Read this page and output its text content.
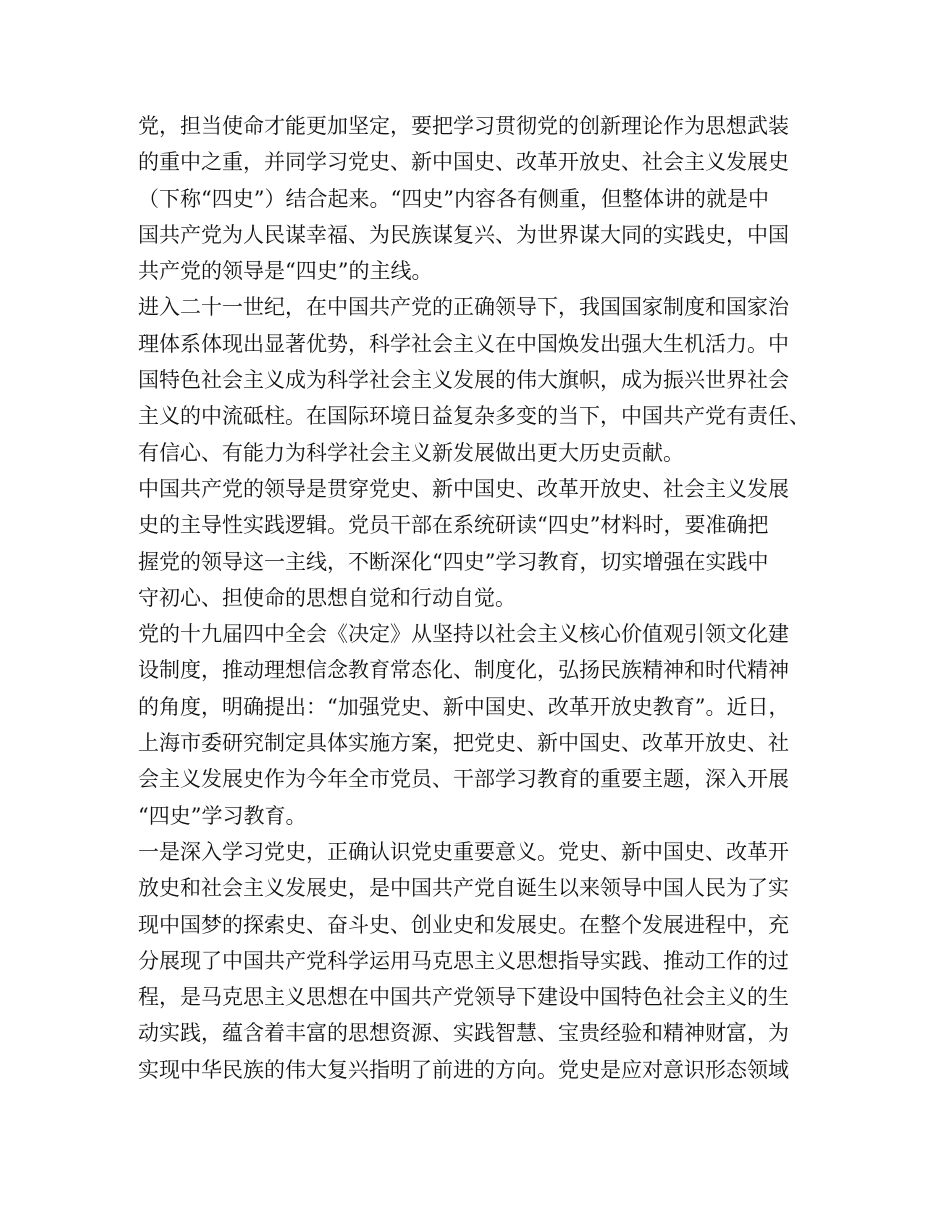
党，担当使命才能更加坚定，要把学习贯彻党的创新理论作为思想武装
的重中之重，并同学习党史、新中国史、改革开放史、社会主义发展史
（下称“四史”）结合起来。“四史”内容各有侧重，但整体讲的就是中
国共产党为人民谋幸福、为民族谋复兴、为世界谋大同的实践史，中国
共产党的领导是“四史”的主线。
进入二十一世纪，在中国共产党的正确领导下，我国国家制度和国家治
理体系体现出显著优势，科学社会主义在中国焕发出强大生机活力。中
国特色社会主义成为科学社会主义发展的伟大旗帜，成为振兴世界社会
主义的中流砥柱。在国际环境日益复杂多变的当下，中国共产党有责任、
有信心、有能力为科学社会主义新发展做出更大历史贡献。
中国共产党的领导是贯穿党史、新中国史、改革开放史、社会主义发展
史的主导性实践逻辑。党员干部在系统研读“四史”材料时，要准确把
握党的领导这一主线，不断深化“四史”学习教育，切实增强在实践中
守初心、担使命的思想自觉和行动自觉。
党的十九届四中全会《决定》从坚持以社会主义核心价值观引领文化建
设制度，推动理想信念教育常态化、制度化，弘扬民族精神和时代精神
的角度，明确提出：“加强党史、新中国史、改革开放史教育”。近日，
上海市委研究制定具体实施方案，把党史、新中国史、改革开放史、社
会主义发展史作为今年全市党员、干部学习教育的重要主题，深入开展
“四史”学习教育。
一是深入学习党史，正确认识党史重要意义。党史、新中国史、改革开
放史和社会主义发展史，是中国共产党自诞生以来领导中国人民为了实
现中国梦的探索史、奋斗史、创业史和发展史。在整个发展进程中，充
分展现了中国共产党科学运用马克思主义思想指导实践、推动工作的过
程，是马克思主义思想在中国共产党领导下建设中国特色社会主义的生
动实践，蕴含着丰富的思想资源、实践智慧、宝贵经验和精神财富，为
实现中华民族的伟大复兴指明了前进的方向。党史是应对意识形态领域
